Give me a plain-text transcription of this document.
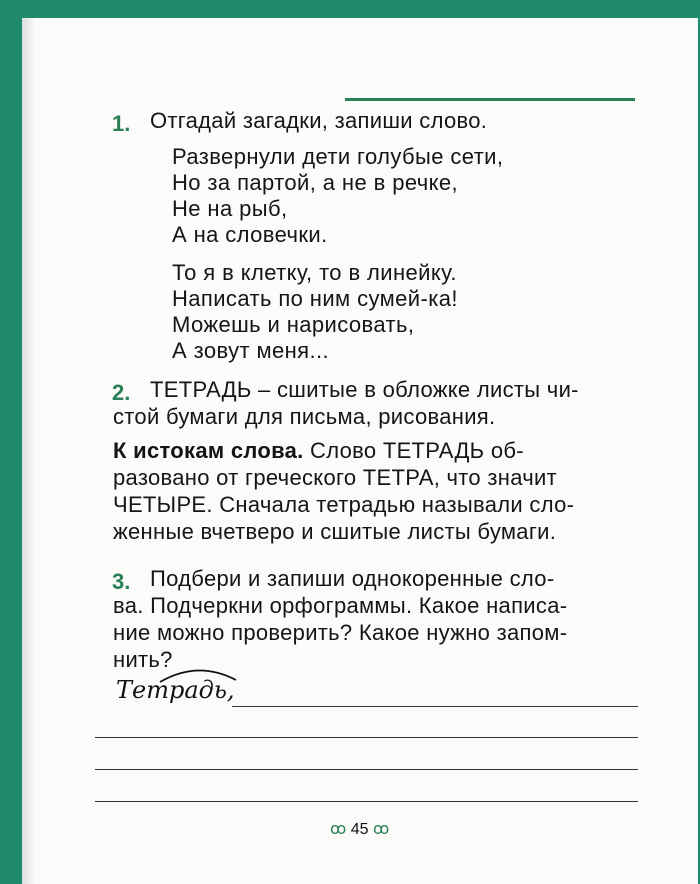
1. Отгадай загадки, запиши слово.
Развернули дети голубые сети,
Но за партой, а не в речке,
Не на рыб,
А на словечки.
То я в клетку, то в линейку.
Написать по ним сумей-ка!
Можешь и нарисовать,
А зовут меня...
2. ТЕТРАДЬ – сшитые в обложке листы чи-
стой бумаги для письма, рисования.
К истокам слова. Слово ТЕТРАДЬ об-
разовано от греческого ТЕТРА, что значит
ЧЕТЫРЕ. Сначала тетрадью называли сло-
женные вчетверо и сшитые листы бумаги.
3. Подбери и запиши однокоренные сло-
ва. Подчеркни орфограммы. Какое написа-
ние можно проверить? Какое нужно запом-
нить?
Тетрадь,
ꝏ 45 ꝏ
